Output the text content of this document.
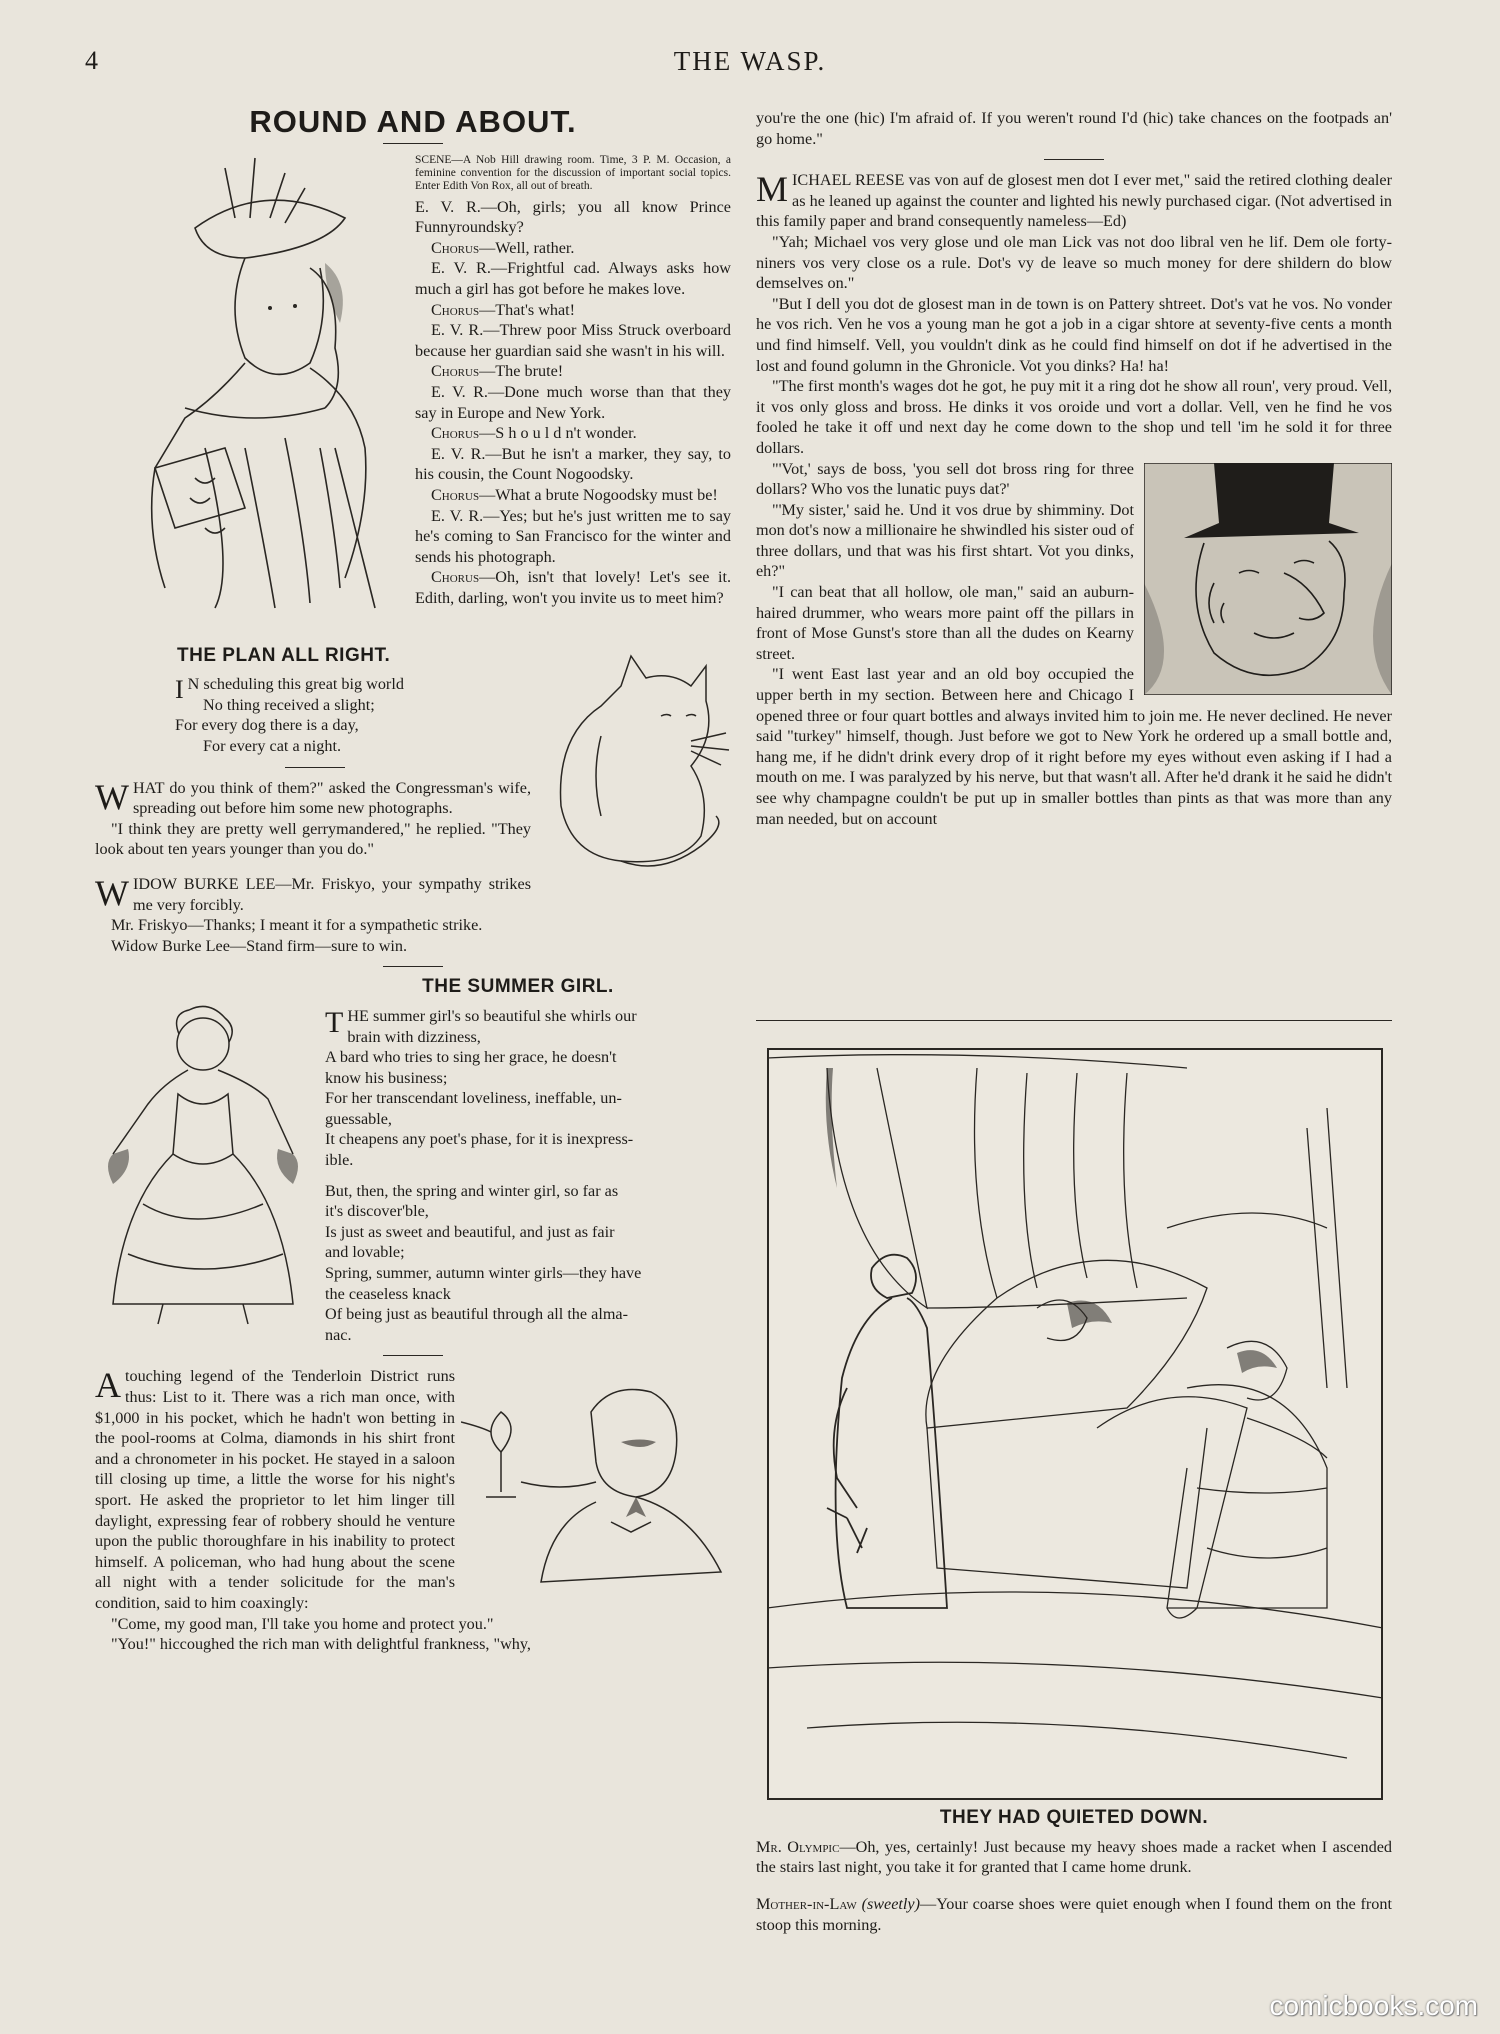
4	THE WASP.
ROUND AND ABOUT.

SCENE—A Nob Hill drawing room. Time, 3 P. M. Occasion, a feminine convention for the discussion of important social topics. Enter Edith Von Rox, all out of breath.

E. V. R.—Oh, girls; you all know Prince Funnyroundsky?

Chorus—Well, rather.

E. V. R.—Frightful cad. Always asks how much a girl has got before he makes love.

Chorus—That's what!

E. V. R.—Threw poor Miss Struck overboard because her guardian said she wasn't in his will.

Chorus—The brute!

E. V. R.—Done much worse than that they say in Europe and New York.

Chorus—S h o u l d n't wonder.

E. V. R.—But he isn't a marker, they say, to his cousin, the Count Nogoodsky.

Chorus—What a brute Nogoodsky must be!

E. V. R.—Yes; but he's just written me to say he's coming to San Francisco for the winter and sends his photograph.

Chorus—Oh, isn't that lovely! Let's see it. Edith, darling, won't you invite us to meet him?

THE PLAN ALL RIGHT.

I N scheduling this great big world

No thing received a slight;

For every dog there is a day,

For every cat a night.

WHAT do you think of them?" asked the Congressman's wife, spreading out before him some new photographs.

"I think they are pretty well gerrymandered," he replied. "They look about ten years younger than you do."

WIDOW BURKE LEE—Mr. Friskyo, your sympathy strikes me very forcibly.

Mr. Friskyo—Thanks; I meant it for a sympathetic strike.

Widow Burke Lee—Stand firm—sure to win.

THE SUMMER GIRL.

THE summer girl's so beautiful she whirls our
brain with dizziness,

A bard who tries to sing her grace, he doesn't
know his business;

For her transcendant loveliness, ineffable, un-
guessable,

It cheapens any poet's phase, for it is inexpress-
ible.

But, then, the spring and winter girl, so far as
it's discover'ble,

Is just as sweet and beautiful, and just as fair
and lovable;

Spring, summer, autumn winter girls—they have
the ceaseless knack

Of being just as beautiful through all the alma-
nac.

Atouching legend of the Tenderloin District runs thus: List to it. There was a rich man once, with $1,000 in his pocket, which he hadn't won betting in the pool-rooms at Colma, diamonds in his shirt front and a chronometer in his pocket. He stayed in a saloon till closing up time, a little the worse for his night's sport. He asked the proprietor to let him linger till daylight, expressing fear of robbery should he venture upon the public thoroughfare in his inability to protect himself. A policeman, who had hung about the scene all night with a tender solicitude for the man's condition, said to him coaxingly:

"Come, my good man, I'll take you home and protect you."

"You!" hiccoughed the rich man with delightful frankness, "why,

you're the one (hic) I'm afraid of. If you weren't round I'd (hic) take chances on the footpads an' go home."

MICHAEL REESE vas von auf de glosest men dot I ever met," said the retired clothing dealer as he leaned up against the counter and lighted his newly purchased cigar. (Not advertised in this family paper and brand consequently nameless—Ed)

"Yah; Michael vos very glose und ole man Lick vas not doo libral ven he lif. Dem ole forty-niners vos very close os a rule. Dot's vy de leave so much money for dere shildern do blow demselves on."

"But I dell you dot de glosest man in de town is on Pattery shtreet. Dot's vat he vos. No vonder he vos rich. Ven he vos a young man he got a job in a cigar shtore at seventy-five cents a month und find himself. Vell, you vouldn't dink as he could find himself on dot if he advertised in the lost and found golumn in the Ghronicle. Vot you dinks? Ha! ha!

"The first month's wages dot he got, he puy mit it a ring dot he show all roun', very proud. Vell, it vos only gloss and bross. He dinks it vos oroide und vort a dollar. Vell, ven he find he vos fooled he take it off und next day he come down to the shop und tell 'im he sold it for three dollars.

"'Vot,' says de boss, 'you sell dot bross ring for three dollars? Who vos the lunatic puys dat?'

"'My sister,' said he. Und it vos drue by shimminy. Dot mon dot's now a millionaire he shwindled his sister oud of three dollars, und that was his first shtart. Vot you dinks, eh?"

"I can beat that all hollow, ole man," said an auburn-haired drummer, who wears more paint off the pillars in front of Mose Gunst's store than all the dudes on Kearny street.

"I went East last year and an old boy occupied the upper berth in my section. Between here and Chicago I opened three or four quart bottles and always invited him to join me. He never declined. He never said "turkey" himself, though. Just before we got to New York he ordered up a small bottle and, hang me, if he didn't drink every drop of it right before my eyes without even asking if I had a mouth on me. I was paralyzed by his nerve, but that wasn't all. After he'd drank it he said he didn't see why champagne couldn't be put up in smaller bottles than pints as that was more than any man needed, but on account

THEY HAD QUIETED DOWN.

Mr. Olympic—Oh, yes, certainly! Just because my heavy shoes made a racket when I ascended the stairs last night, you take it for granted that I came home drunk.

Mother-in-Law (sweetly)—Your coarse shoes were quiet enough when I found them on the front stoop this morning.

comicbooks.com
